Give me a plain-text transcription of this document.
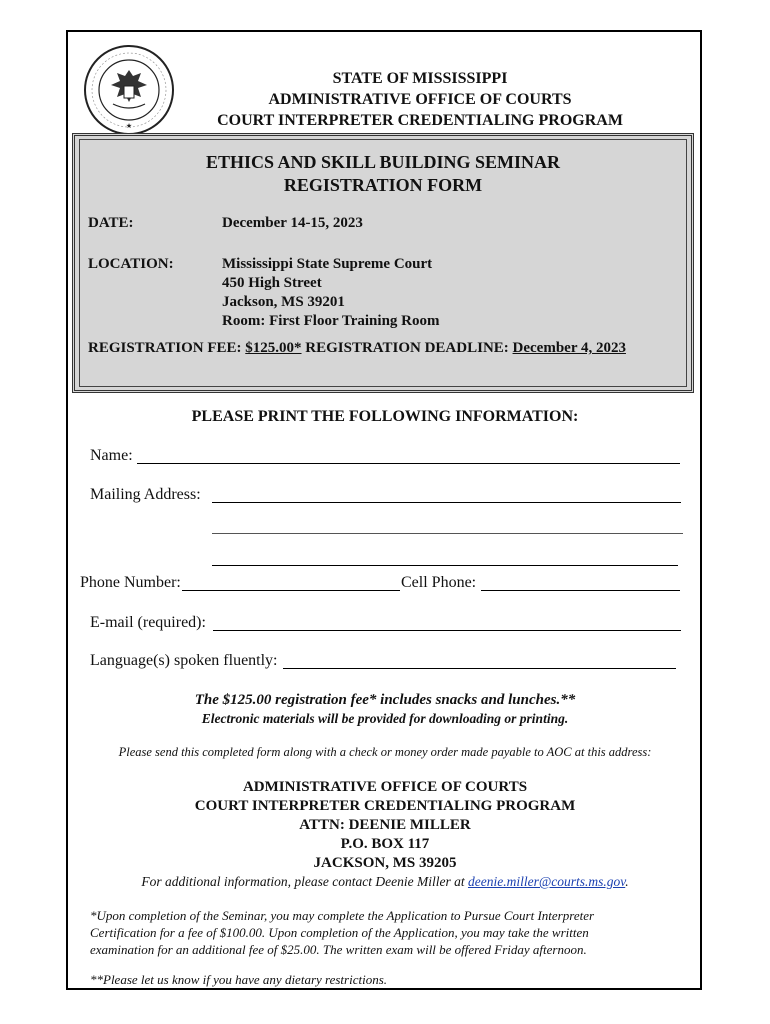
★
STATE OF MISSISSIPPI
ADMINISTRATIVE OFFICE OF COURTS
COURT INTERPRETER CREDENTIALING PROGRAM
ETHICS AND SKILL BUILDING SEMINAR
REGISTRATION FORM
DATE:	December 14-15, 2023
LOCATION:	Mississippi State Supreme Court
450 High Street
Jackson, MS 39201
Room: First Floor Training Room
REGISTRATION FEE: $125.00* REGISTRATION DEADLINE: December 4, 2023
PLEASE PRINT THE FOLLOWING INFORMATION:
Name:
Mailing Address:
Phone Number:	Cell Phone:
E-mail (required):
Language(s) spoken fluently:
The $125.00 registration fee* includes snacks and lunches.**
Electronic materials will be provided for downloading or printing.
Please send this completed form along with a check or money order made payable to AOC at this address:
ADMINISTRATIVE OFFICE OF COURTS
COURT INTERPRETER CREDENTIALING PROGRAM
ATTN: DEENIE MILLER
P.O. BOX 117
JACKSON, MS 39205
For additional information, please contact Deenie Miller at deenie.miller@courts.ms.gov.
*Upon completion of the Seminar, you may complete the Application to Pursue Court Interpreter
Certification for a fee of $100.00. Upon completion of the Application, you may take the written
examination for an additional fee of $25.00. The written exam will be offered Friday afternoon.
**Please let us know if you have any dietary restrictions.
